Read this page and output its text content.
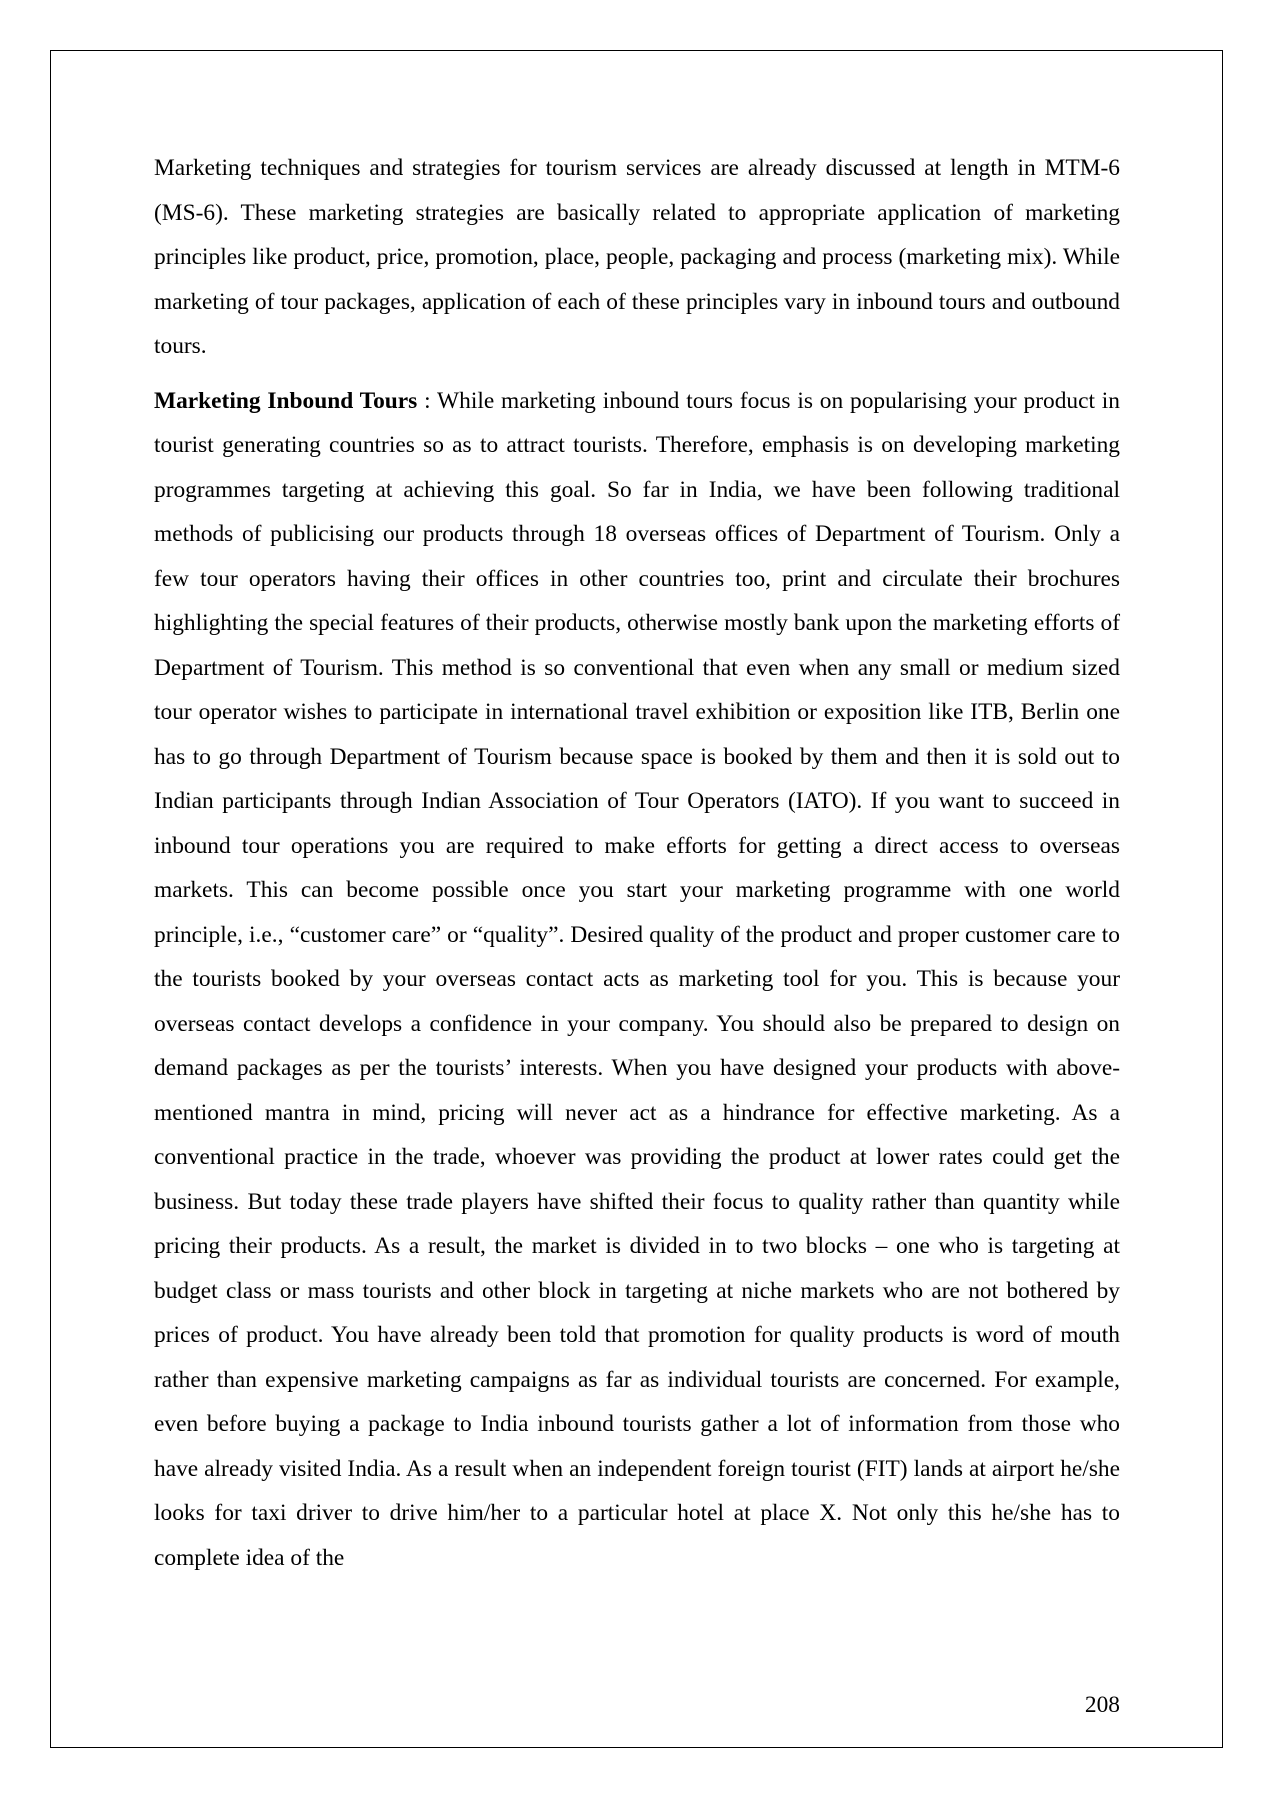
Marketing techniques and strategies for tourism services are already discussed at length in MTM-6 (MS-6). These marketing strategies are basically related to appropriate application of marketing principles like product, price, promotion, place, people, packaging and process (marketing mix). While marketing of tour packages, application of each of these principles vary in inbound tours and outbound tours.

Marketing Inbound Tours : While marketing inbound tours focus is on popularising your product in tourist generating countries so as to attract tourists. Therefore, emphasis is on developing marketing programmes targeting at achieving this goal. So far in India, we have been following traditional methods of publicising our products through 18 overseas offices of Department of Tourism. Only a few tour operators having their offices in other countries too, print and circulate their brochures highlighting the special features of their products, otherwise mostly bank upon the marketing efforts of Department of Tourism. This method is so conventional that even when any small or medium sized tour operator wishes to participate in international travel exhibition or exposition like ITB, Berlin one has to go through Department of Tourism because space is booked by them and then it is sold out to Indian participants through Indian Association of Tour Operators (IATO). If you want to succeed in inbound tour operations you are required to make efforts for getting a direct access to overseas markets. This can become possible once you start your marketing programme with one world principle, i.e., “customer care” or “quality”. Desired quality of the product and proper customer care to the tourists booked by your overseas contact acts as marketing tool for you. This is because your overseas contact develops a confidence in your company. You should also be prepared to design on demand packages as per the tourists’ interests. When you have designed your products with above-mentioned mantra in mind, pricing will never act as a hindrance for effective marketing. As a conventional practice in the trade, whoever was providing the product at lower rates could get the business. But today these trade players have shifted their focus to quality rather than quantity while pricing their products. As a result, the market is divided in to two blocks – one who is targeting at budget class or mass tourists and other block in targeting at niche markets who are not bothered by prices of product. You have already been told that promotion for quality products is word of mouth rather than expensive marketing campaigns as far as individual tourists are concerned. For example, even before buying a package to India inbound tourists gather a lot of information from those who have already visited India. As a result when an independent foreign tourist (FIT) lands at airport he/she looks for taxi driver to drive him/her to a particular hotel at place X. Not only this he/she has to complete idea of the

208
